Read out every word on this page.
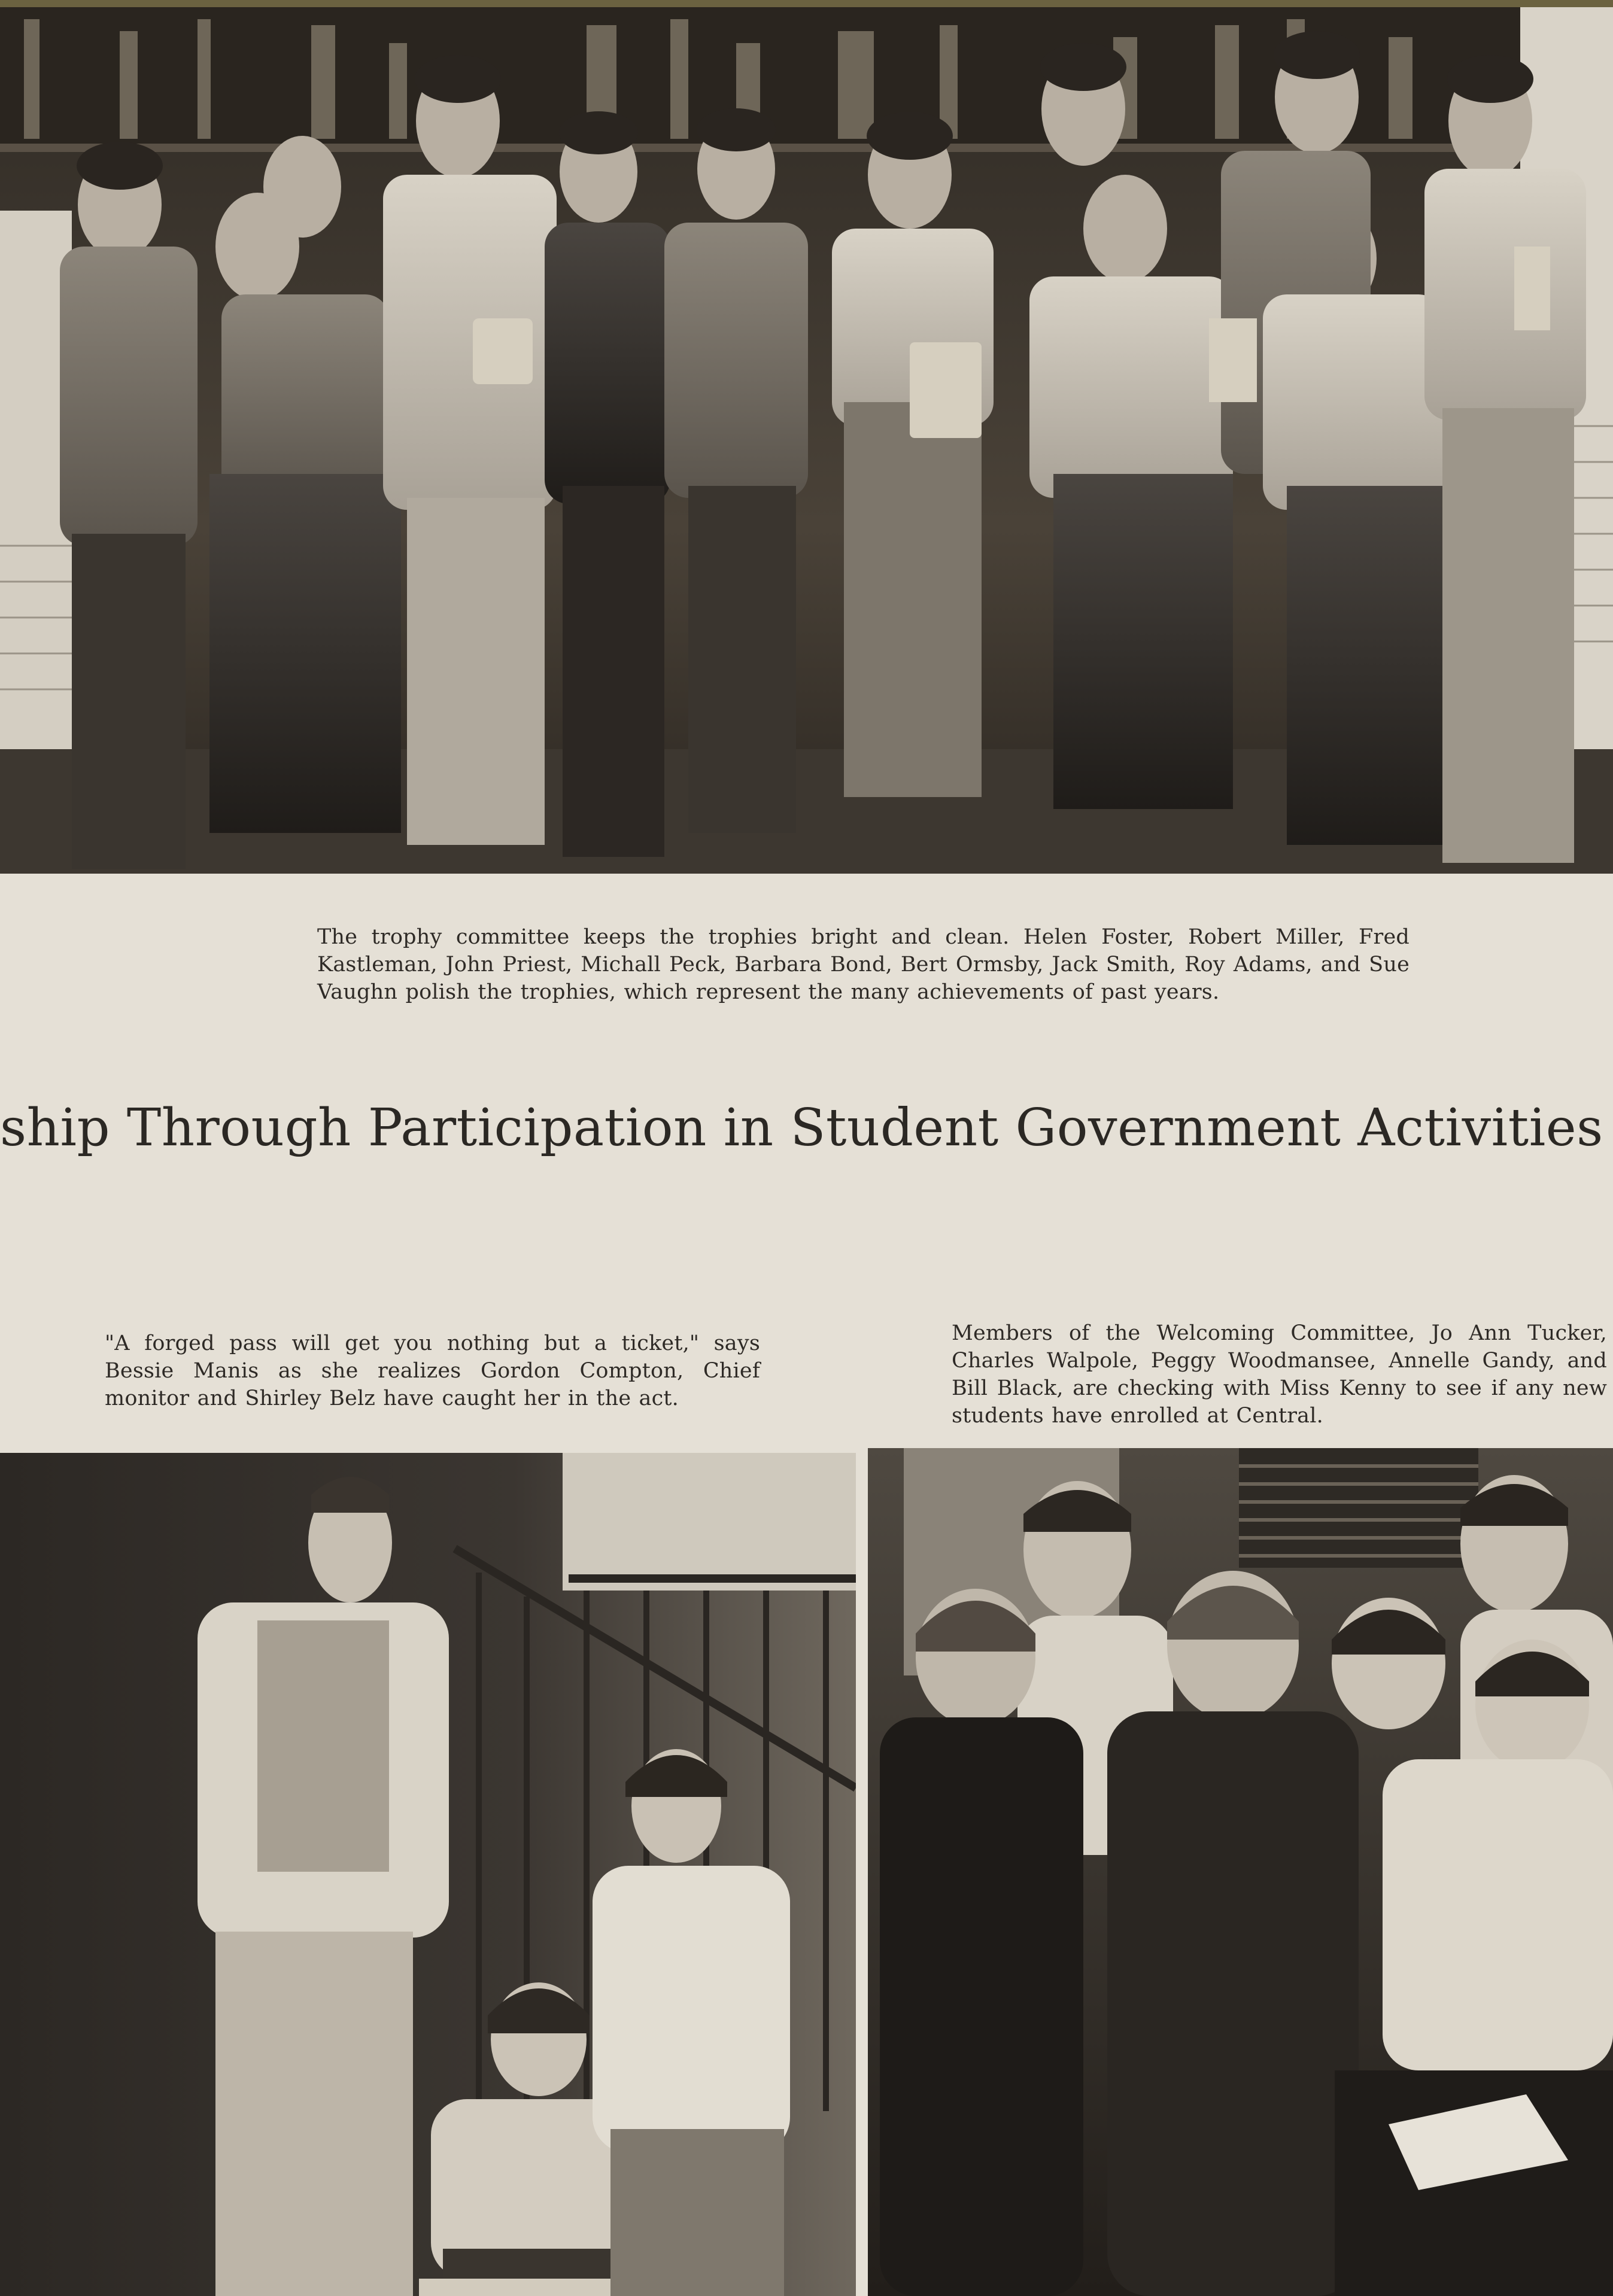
The trophy committee keeps the trophies bright and clean. Helen Foster, Robert Miller, Fred Kastleman, John Priest, Michall Peck, Barbara Bond, Bert Ormsby, Jack Smith, Roy Adams, and Sue Vaughn polish the trophies, which represent the many achievements of past years.

ship Through Participation in Student Government Activities

"A forged pass will get you nothing but a ticket," says Bessie Manis as she realizes Gordon Compton, Chief monitor and Shirley Belz have caught her in the act.

Members of the Welcoming Committee, Jo Ann Tucker, Charles Walpole, Peggy Woodmansee, Annelle Gandy, and Bill Black, are checking with Miss Kenny to see if any new students have enrolled at Central.
